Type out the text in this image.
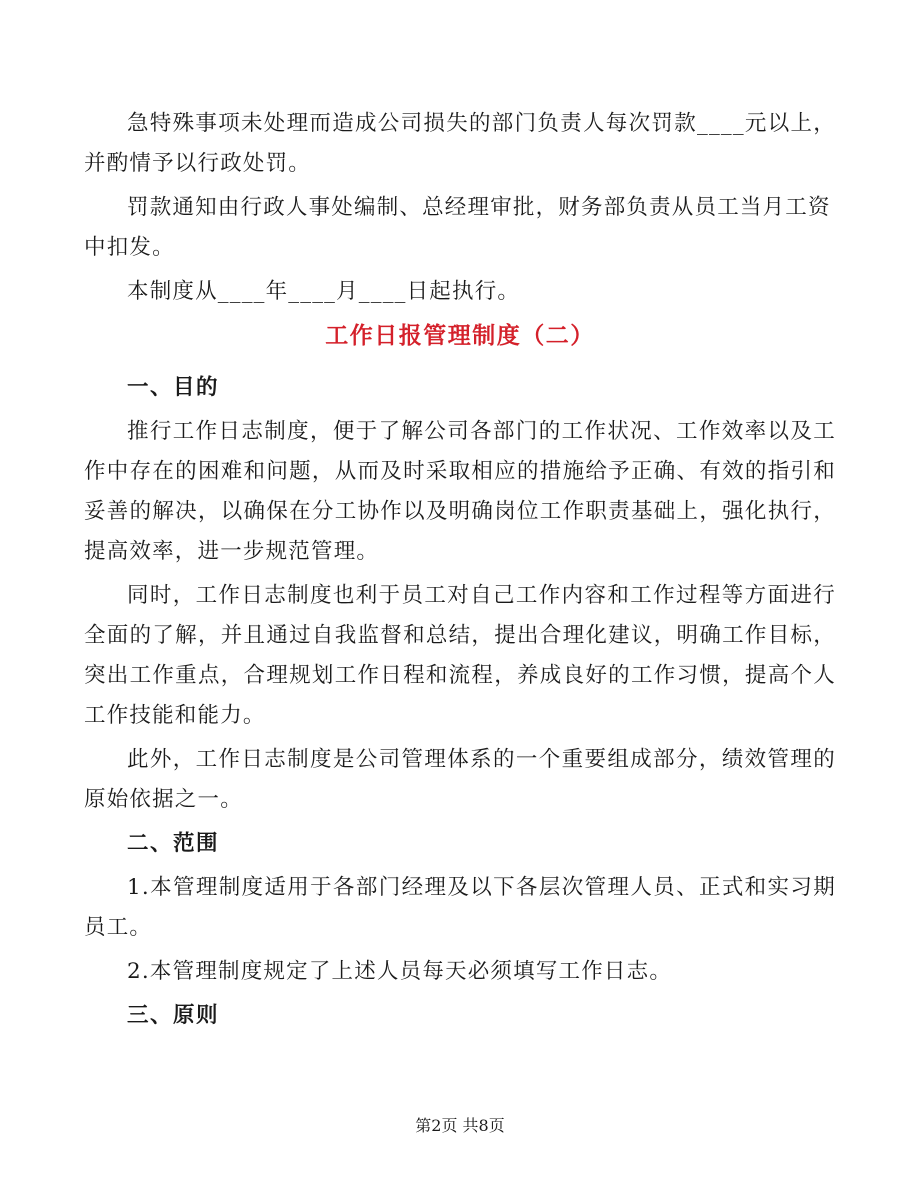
急特殊事项未处理而造成公司损失的部门负责人每次罚款____元以上，并酌情予以行政处罚。

罚款通知由行政人事处编制、总经理审批，财务部负责从员工当月工资

中扣发。

本制度从____年____月____日起执行。

工作日报管理制度（二）
一、目的

推行工作日志制度，便于了解公司各部门的工作状况、工作效率以及工作中存在的困难和问题，从而及时采取相应的措施给予正确、有效的指引和妥善的解决，以确保在分工协作以及明确岗位工作职责基础上，强化执行，提高效率，进一步规范管理。

同时，工作日志制度也利于员工对自己工作内容和工作过程等方面进行全面的了解，并且通过自我监督和总结，提出合理化建议，明确工作目标，突出工作重点，合理规划工作日程和流程，养成良好的工作习惯，提高个人工作技能和能力。

此外，工作日志制度是公司管理体系的一个重要组成部分，绩效管理的原始依据之一。

二、范围

1.本管理制度适用于各部门经理及以下各层次管理人员、正式和实习期员工。

2.本管理制度规定了上述人员每天必须填写工作日志。

三、原则
第2页 共8页
